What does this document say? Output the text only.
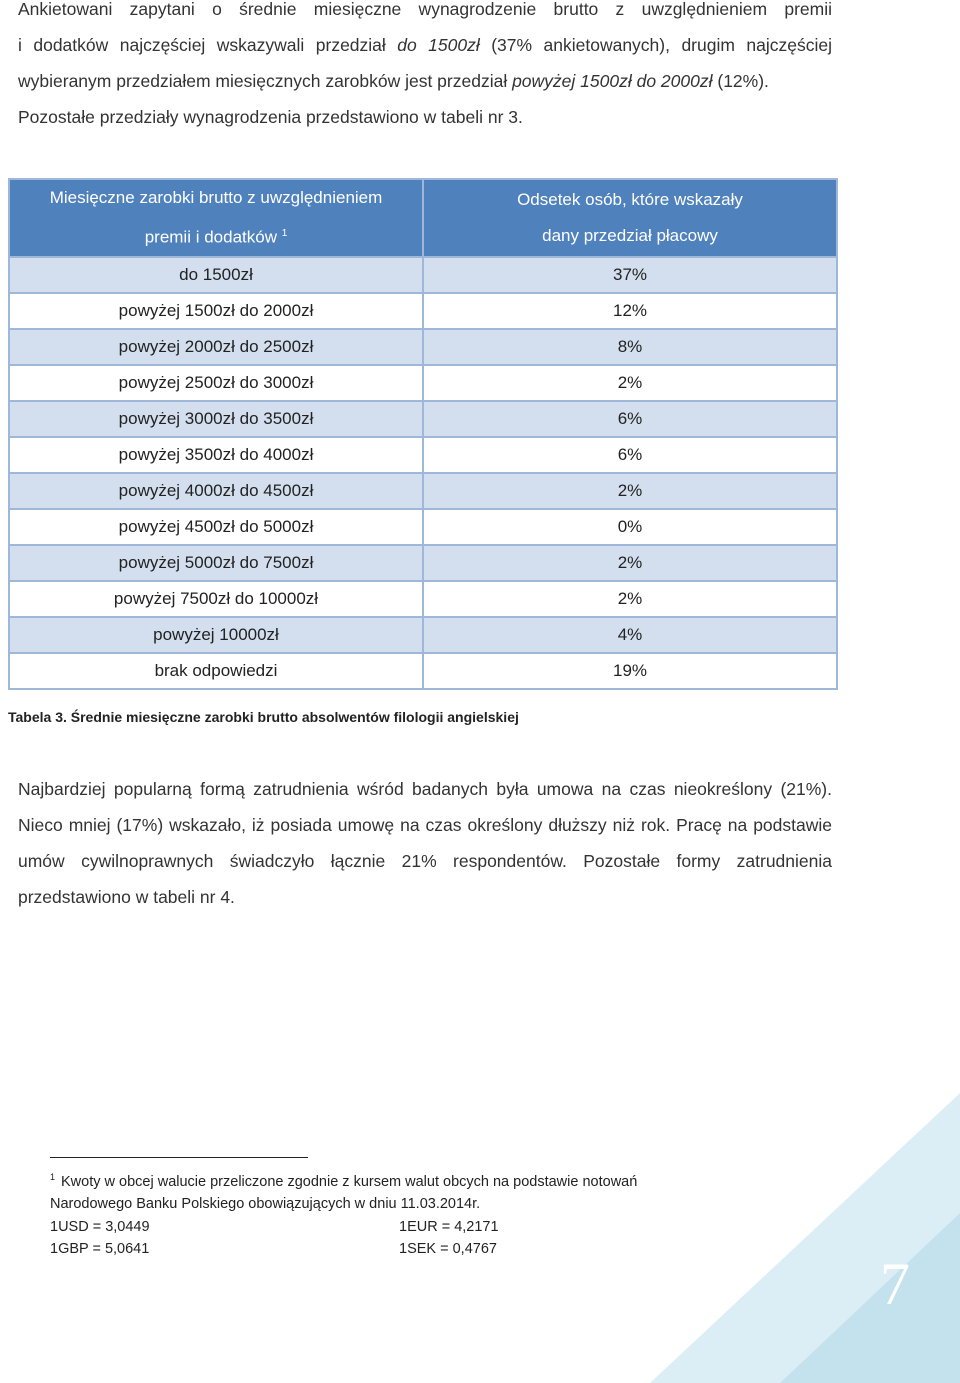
Ankietowani zapytani o średnie miesięczne wynagrodzenie brutto z uwzględnieniem premii
i dodatków najczęściej wskazywali przedział do 1500zł (37% ankietowanych), drugim najczęściej
wybieranym przedziałem miesięcznych zarobków jest przedział powyżej 1500zł do 2000zł (12%).
Pozostałe przedziały wynagrodzenia przedstawiono w tabeli nr 3.

Miesięczne zarobki brutto z uwzględnieniem
premii i dodatków $^1$	Odsetek osób, które wskazały
dany przedział płacowy
do 1500zł	37%
powyżej 1500zł do 2000zł	12%
powyżej 2000zł do 2500zł	8%
powyżej 2500zł do 3000zł	2%
powyżej 3000zł do 3500zł	6%
powyżej 3500zł do 4000zł	6%
powyżej 4000zł do 4500zł	2%
powyżej 4500zł do 5000zł	0%
powyżej 5000zł do 7500zł	2%
powyżej 7500zł do 10000zł	2%
powyżej 10000zł	4%
brak odpowiedzi	19%
Tabela 3. Średnie miesięczne zarobki brutto absolwentów filologii angielskiej

Najbardziej popularną formą zatrudnienia wśród badanych była umowa na czas nieokreślony (21%).
Nieco mniej (17%) wskazało, iż posiada umowę na czas określony dłuższy niż rok. Pracę na podstawie
umów cywilnoprawnych świadczyło łącznie 21% respondentów. Pozostałe formy zatrudnienia
przedstawiono w tabeli nr 4.

$^1$ Kwoty w obcej walucie przeliczone zgodnie z kursem walut obcych na podstawie notowań
Narodowego Banku Polskiego obowiązujących w dniu 11.03.2014r.
1USD = 3,0449	1EUR = 4,2171
1GBP = 5,0641	1SEK = 0,4767
7
